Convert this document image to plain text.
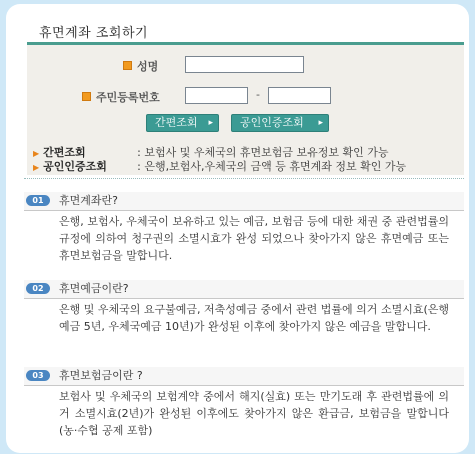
휴면계좌 조회하기
성명
주민등록번호	-
간편조회 ▸	공인인증조회 ▸
▶ 간편조회	: 보험사 및 우체국의 휴면보험금 보유정보 확인 가능
▶ 공인인증조회	: 은행,보험사,우체국의 금액 등 휴면계좌 정보 확인 가능
01	휴면계좌란?

은행, 보험사, 우체국이 보유하고 있는 예금, 보험금 등에 대한 채권 중 관련법률의 규정에 의하여 청구권의 소멸시효가 완성 되었으나 찾아가지 않은 휴면예금 또는 휴면보험금을 말합니다.

02	휴면예금이란?

은행 및 우체국의 요구불예금, 저축성예금 중에서 관련 법률에 의거 소멸시효(은행예금 5년, 우체국예금 10년)가 완성된 이후에 찾아가지 않은 예금을 말합니다.

03	휴면보험금이란 ?

보험사 및 우체국의 보험계약 중에서 해지(실효) 또는 만기도래 후 관련법률에 의거 소멸시효(2년)가 완성된 이후에도 찾아가지 않은 환급금, 보험금을 말합니다 (농·수협 공제 포함)
